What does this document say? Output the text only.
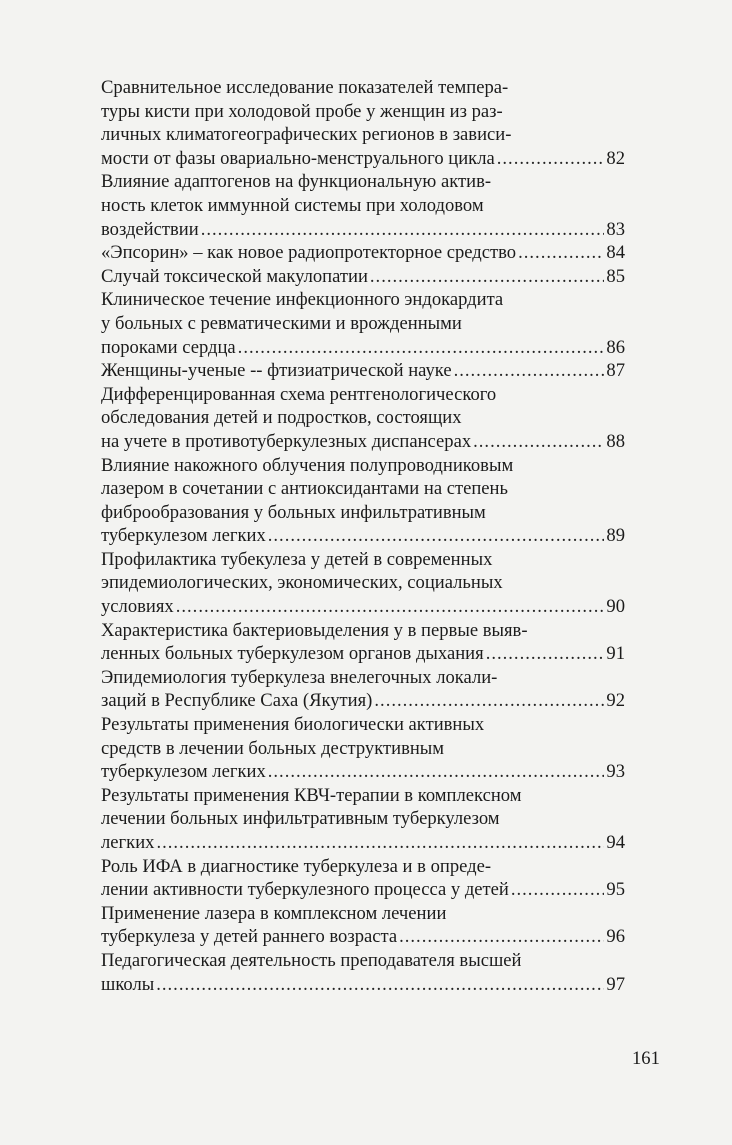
Сравнительное исследование показателей темпера-
туры кисти при холодовой пробе у женщин из раз-
личных климатогеографических регионов в зависи-
мости от фазы овариально-менструального цикла .....	82
Влияние адаптогенов на функциональную актив-
ность клеток иммунной системы при холодовом
воздействии .....	83
«Эпсорин» – как новое радиопротекторное средство .....	84
Случай токсической макулопатии .....	85
Клиническое течение инфекционного эндокардита
у больных с ревматическими и врожденными
пороками сердца .....	86
Женщины-ученые -- фтизиатрической науке .....	87
Дифференцированная схема рентгенологического
обследования детей и подростков, состоящих
на учете в противотуберкулезных диспансерах .....	88
Влияние накожного облучения полупроводниковым
лазером в сочетании с антиоксидантами на степень
фиброобразования у больных инфильтративным
туберкулезом легких .....	89
Профилактика тубекулеза у детей в современных
эпидемиологических, экономических, социальных
условиях .....	90
Характеристика бактериовыделения у в первые выяв-
ленных больных туберкулезом органов дыхания .....	91
Эпидемиология туберкулеза внелегочных локали-
заций в Республике Саха (Якутия) .....	92
Результаты применения биологически активных
средств в лечении больных деструктивным
туберкулезом легких .....	93
Результаты применения КВЧ-терапии в комплексном
лечении больных инфильтративным туберкулезом
легких .....	94
Роль ИФА в диагностике туберкулеза и в опреде-
лении активности туберкулезного процесса у детей .....	95
Применение лазера в комплексном лечении
туберкулеза у детей раннего возраста .....	96
Педагогическая деятельность преподавателя высшей
школы .....	97
161
